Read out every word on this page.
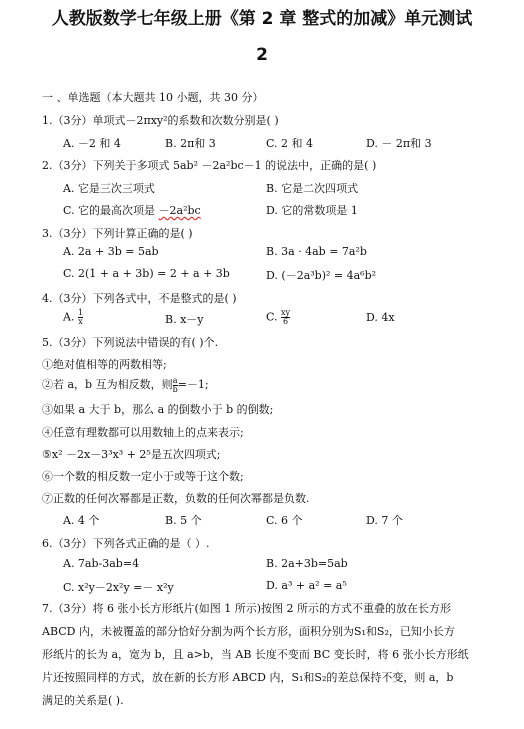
人教版数学七年级上册《第 2 章 整式的加减》单元测试
2
一 、单选题（本大题共 10 小题，共 30 分）
1.（3分）单项式－2πxy²的系数和次数分别是( )
A. －2 和 4	B. 2π和 3	C. 2 和 4	D. － 2π和 3
2.（3分）下列关于多项式 5ab² －2a²bc－1 的说法中，正确的是( )
A. 它是三次三项式	B. 它是二次四项式
C. 它的最高次项是 －2a²bc	D. 它的常数项是 1
3.（3分）下列计算正确的是( )
A. 2a + 3b = 5ab	B. 3a · 4ab = 7a²b
C. 2(1 + a + 3b) = 2 + a + 3b	D. (－2a³b)² = 4a⁶b²
4.（3分）下列各式中，不是整式的是( )
A. $\frac{1}{x}$	B. x－y	C. $\frac{xy}{6}$	D. 4x
5.（3分）下列说法中错误的有( )个.
①绝对值相等的两数相等;
②若 a，b 互为相反数，则 $\frac{a}{b} =-1$;
③如果 a 大于 b，那么 a 的倒数小于 b 的倒数;
④任意有理数都可以用数轴上的点来表示;
⑤x² －2x－3³x³ + 2⁵是五次四项式;
⑥一个数的相反数一定小于或等于这个数;
⑦正数的任何次幂都是正数，负数的任何次幂都是负数.
A. 4 个	B. 5 个	C. 6 个	D. 7 个
6.（3分）下列各式正确的是（ ）.
A. 7ab-3ab=4	B. 2a+3b=5ab
C. x²y－2x²y =－ x²y	D. a³ + a² = a⁵
7.（3分）将 6 张小长方形纸片(如图 1 所示)按图 2 所示的方式不重叠的放在长方形
ABCD 内，未被覆盖的部分恰好分割为两个长方形，面积分别为S₁和S₂，已知小长方
形纸片的长为 a，宽为 b，且 a>b，当 AB 长度不变而 BC 变长时，将 6 张小长方形纸
片还按照同样的方式，放在新的长方形 ABCD 内，S₁和S₂的差总保持不变，则 a，b
满足的关系是( ).
